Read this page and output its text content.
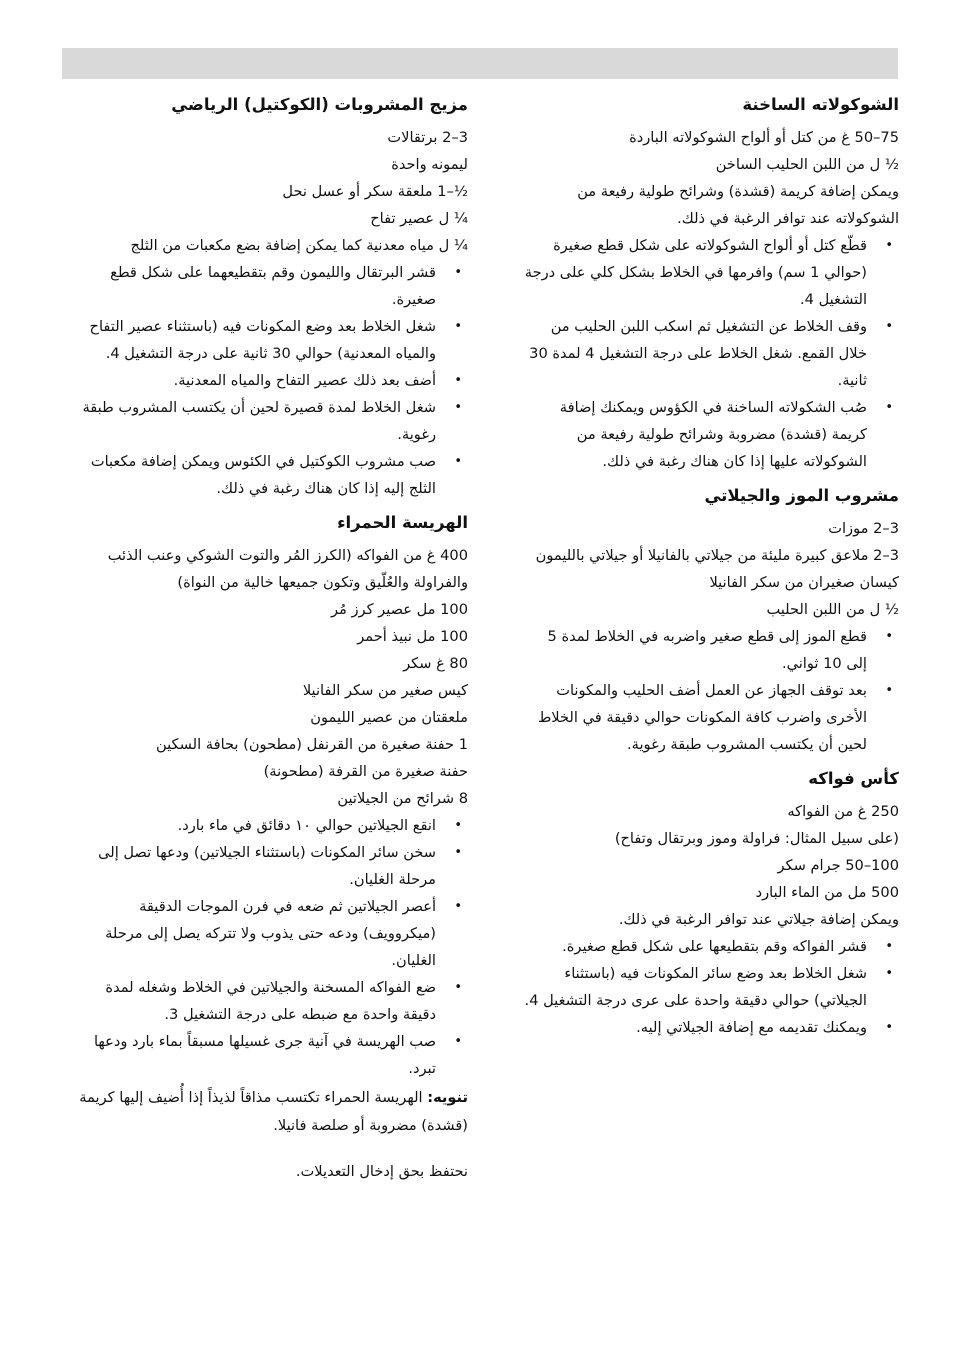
الشوكولاته الساخنة
75–50 غ من كتل أو ألواح الشوكولاته الباردة
½ ل من اللبن الحليب الساخن
ويمكن إضافة كريمة (قشدة) وشرائح طولية رفيعة من الشوكولاته عند توافر الرغبة في ذلك.
•
قطّع كتل أو ألواح الشوكولاته على شكل قطع صغيرة (حوالي 1 سم) وافرمها في الخلاط بشكل كلي على درجة التشغيل 4.
•
وقف الخلاط عن التشغيل ثم اسكب اللبن الحليب من خلال القمع. شغل الخلاط على درجة التشغيل 4 لمدة 30 ثانية.
•
صُب الشكولاته الساخنة في الكؤوس ويمكنك إضافة كريمة (قشدة) مضروبة وشرائح طولية رفيعة من الشوكولاته عليها إذا كان هناك رغبة في ذلك.
مشروب الموز والجيلاتي
3–2 موزات
3–2 ملاعق كبيرة مليئة من جيلاتي بالفانيلا أو جيلاتي بالليمون
كيسان صغيران من سكر الفانيلا
½ ل من اللبن الحليب
•
قطع الموز إلى قطع صغير واضربه في الخلاط لمدة 5 إلى 10 ثواني.
•
بعد توقف الجهاز عن العمل أضف الحليب والمكونات الأخرى واضرب كافة المكونات حوالي دقيقة في الخلاط لحين أن يكتسب المشروب طبقة رغوية.
كأس فواكه
250 غ من الفواكه
(على سبيل المثال: فراولة وموز وبرتقال وتفاح)
100–50 جرام سكر
500 مل من الماء البارد
ويمكن إضافة جيلاتي عند توافر الرغبة في ذلك.
•
قشر الفواكه وقم بتقطيعها على شكل قطع صغيرة.
•
شغل الخلاط بعد وضع سائر المكونات فيه (باستثناء الجيلاتي) حوالي دقيقة واحدة على عرى درجة التشغيل 4.
•
ويمكنك تقديمه مع إضافة الجيلاتي إليه.
مزيج المشروبات (الكوكتيل) الرياضي
3–2 برتقالات
ليمونه واحدة
½–1 ملعقة سكر أو عسل نحل
¼ ل عصير تفاح
¼ ل مياه معدنية كما يمكن إضافة بضع مكعبات من الثلج
•
قشر البرتقال والليمون وقم بتقطيعهما على شكل قطع صغيرة.
•
شغل الخلاط بعد وضع المكونات فيه (باستثناء عصير التفاح والمياه المعدنية) حوالي 30 ثانية على درجة التشغيل 4.
•
أضف بعد ذلك عصير التفاح والمياه المعدنية.
•
شغل الخلاط لمدة قصيرة لحين أن يكتسب المشروب طبقة رغوية.
•
صب مشروب الكوكتيل في الكئوس ويمكن إضافة مكعبات الثلج إليه إذا كان هناك رغبة في ذلك.
الهريسة الحمراء
400 غ من الفواكه (الكرز المُر والتوت الشوكي وعنب الذئب والفراولة والعُلّيق وتكون جميعها خالية من النواة)
100 مل عصير كرز مُر
100 مل نبيذ أحمر
80 غ سكر
كيس صغير من سكر الفانيلا
ملعقتان من عصير الليمون
1 حفنة صغيرة من القرنفل (مطحون) بحافة السكين
حفنة صغيرة من القرفة (مطحونة)
8 شرائح من الجيلاتين
•
انقع الجيلاتين حوالي ١٠ دقائق في ماء بارد.
•
سخن سائر المكونات (باستثناء الجيلاتين) ودعها تصل إلى مرحلة الغليان.
•
أعصر الجيلاتين ثم ضعه في فرن الموجات الدقيقة (ميكروويف) ودعه حتى يذوب ولا تتركه يصل إلى مرحلة الغليان.
•
ضع الفواكه المسخنة والجيلاتين في الخلاط وشغله لمدة دقيقة واحدة مع ضبطه على درجة التشغيل 3.
•
صب الهريسة في آنية جرى غسيلها مسبقاً بماء بارد ودعها تبرد.
تنويه: الهريسة الحمراء تكتسب مذاقاً لذيذاً إذا أُضيف إليها كريمة (قشدة) مضروبة أو صلصة فانيلا.
نحتفظ بحق إدخال التعديلات.
